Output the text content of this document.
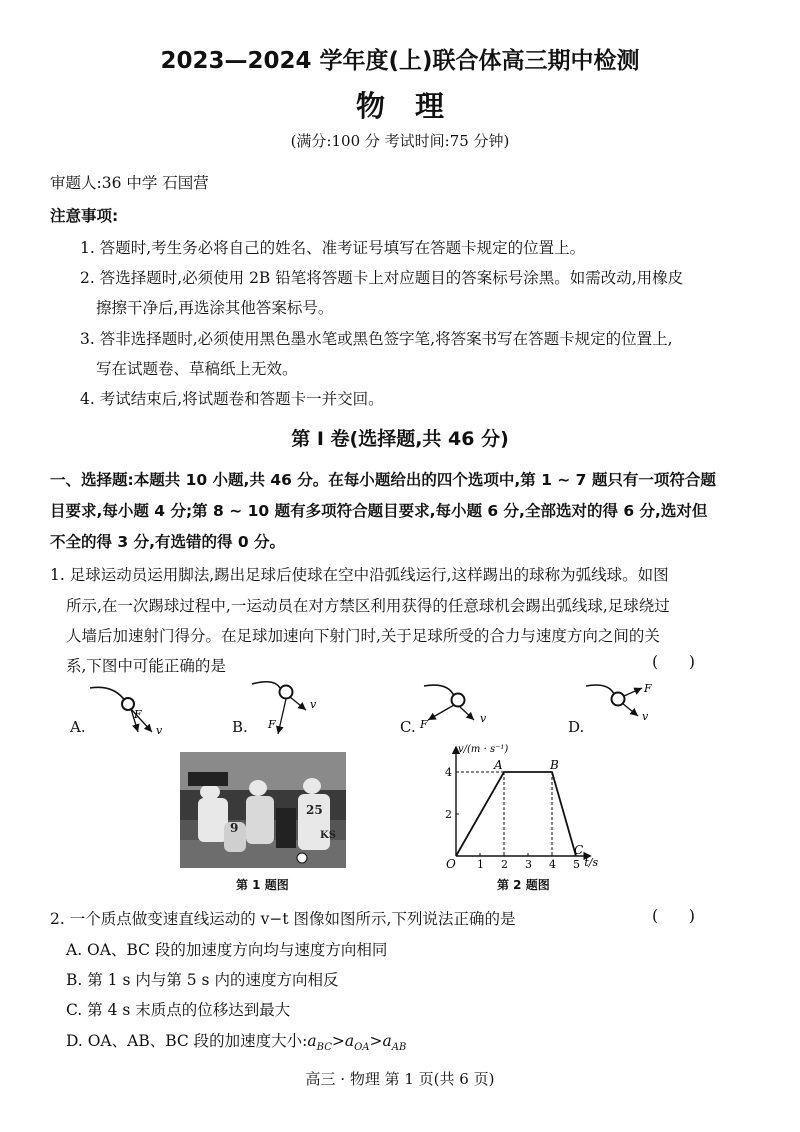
2023—2024 学年度(上)联合体高三期中检测
物理
(满分:100 分 考试时间:75 分钟)
审题人:36 中学 石国营
注意事项:
1. 答题时,考生务必将自己的姓名、准考证号填写在答题卡规定的位置上。
2. 答选择题时,必须使用 2B 铅笔将答题卡上对应题目的答案标号涂黑。如需改动,用橡皮
擦擦干净后,再选涂其他答案标号。
3. 答非选择题时,必须使用黑色墨水笔或黑色签字笔,将答案书写在答题卡规定的位置上,
写在试题卷、草稿纸上无效。
4. 考试结束后,将试题卷和答题卡一并交回。
第 I 卷(选择题,共 46 分)
一、选择题:本题共 10 小题,共 46 分。在每小题给出的四个选项中,第 1 ~ 7 题只有一项符合题
目要求,每小题 4 分;第 8 ~ 10 题有多项符合题目要求,每小题 6 分,全部选对的得 6 分,选对但
不全的得 3 分,有选错的得 0 分。
1. 足球运动员运用脚法,踢出足球后使球在空中沿弧线运行,这样踢出的球称为弧线球。如图
所示,在一次踢球过程中,一运动员在对方禁区利用获得的任意球机会踢出弧线球,足球绕过
人墙后加速射门得分。在足球加速向下射门时,关于足球所受的合力与速度方向之间的关
系,下图中可能正确的是	(      )
A.
F
v	B. F
v
C. F	v	D.
F
v
9
25
KS
第 1 题图
1 2 3 4 5
2
4
O
A	B
C
v/(m · s⁻¹)
t/s
第 2 题图
2. 一个质点做变速直线运动的 v−t 图像如图所示,下列说法正确的是	(      )
A. OA、BC 段的加速度方向均与速度方向相同
B. 第 1 s 内与第 5 s 内的速度方向相反
C. 第 4 s 末质点的位移达到最大
D. OA、AB、BC 段的加速度大小$:a_{BC}>a_{OA}>a_{AB}$
高三 · 物理 第 1 页(共 6 页)
